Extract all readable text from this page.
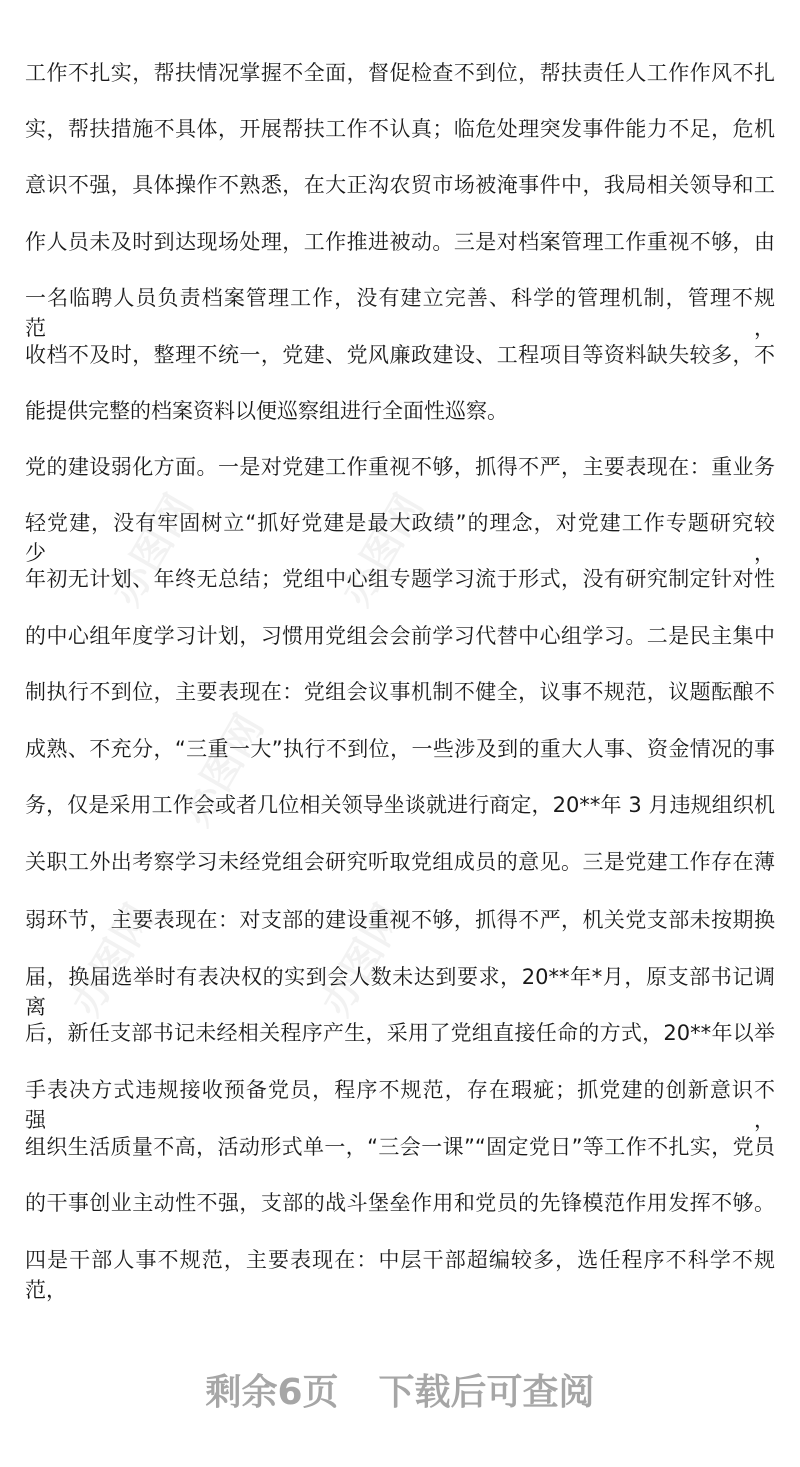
工作不扎实，帮扶情况掌握不全面，督促检查不到位，帮扶责任人工作作风不扎
实，帮扶措施不具体，开展帮扶工作不认真；临危处理突发事件能力不足，危机
意识不强，具体操作不熟悉，在大正沟农贸市场被淹事件中，我局相关领导和工
作人员未及时到达现场处理，工作推进被动。三是对档案管理工作重视不够，由
一名临聘人员负责档案管理工作，没有建立完善、科学的管理机制，管理不规范，
收档不及时，整理不统一，党建、党风廉政建设、工程项目等资料缺失较多，不
能提供完整的档案资料以便巡察组进行全面性巡察。
党的建设弱化方面。一是对党建工作重视不够，抓得不严，主要表现在：重业务
轻党建，没有牢固树立“抓好党建是最大政绩”的理念，对党建工作专题研究较少，
年初无计划、年终无总结；党组中心组专题学习流于形式，没有研究制定针对性
的中心组年度学习计划，习惯用党组会会前学习代替中心组学习。二是民主集中
制执行不到位，主要表现在：党组会议事机制不健全，议事不规范，议题酝酿不
成熟、不充分，“三重一大”执行不到位，一些涉及到的重大人事、资金情况的事
务，仅是采用工作会或者几位相关领导坐谈就进行商定，20**年 3 月违规组织机
关职工外出考察学习未经党组会研究听取党组成员的意见。三是党建工作存在薄
弱环节，主要表现在：对支部的建设重视不够，抓得不严，机关党支部未按期换
届，换届选举时有表决权的实到会人数未达到要求，20**年*月，原支部书记调离
后，新任支部书记未经相关程序产生，采用了党组直接任命的方式，20**年以举
手表决方式违规接收预备党员，程序不规范，存在瑕疵；抓党建的创新意识不强，
组织生活质量不高，活动形式单一，“三会一课”“固定党日”等工作不扎实，党员
的干事创业主动性不强，支部的战斗堡垒作用和党员的先锋模范作用发挥不够。
四是干部人事不规范，主要表现在：中层干部超编较多，选任程序不科学不规范，
办图网	办图网
办图网
办图网	办图网
剩余6页 下载后可查阅
